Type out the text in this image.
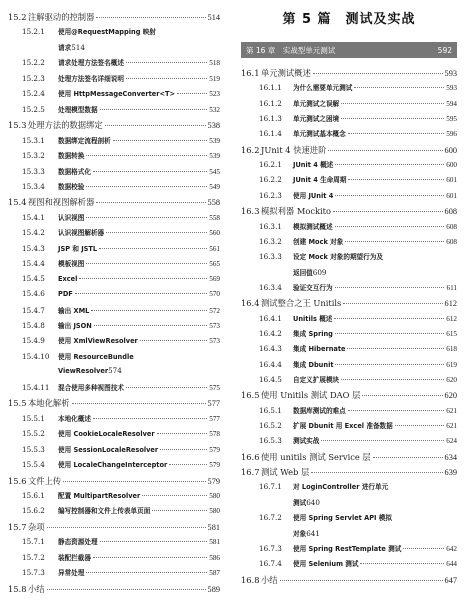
15.2 注解驱动的控制器	514
15.2.1	使用@RequestMapping 映射
请求 514
15.2.2	请求处理方法签名概述	518
15.2.3	处理方法签名详细说明	519
15.2.4	使用 HttpMessageConverter<T>	523
15.2.5	处理模型数据	532
15.3 处理方法的数据绑定	538
15.3.1	数据绑定流程剖析	539
15.3.2	数据转换	539
15.3.3	数据格式化	545
15.3.4	数据校验	549
15.4 视图和视图解析器	558
15.4.1	认识视图	558
15.4.2	认识视图解析器	560
15.4.3	JSP 和 JSTL	561
15.4.4	模板视图	565
15.4.5	Excel	569
15.4.6	PDF	570
15.4.7	输出 XML	572
15.4.8	输出 JSON	573
15.4.9	使用 XmlViewResolver	573
15.4.10	使用 ResourceBundle
ViewResolver 574
15.4.11	混合使用多种视图技术	575
15.5 本地化解析	577
15.5.1	本地化概述	577
15.5.2	使用 CookieLocaleResolver	578
15.5.3	使用 SessionLocaleResolver	579
15.5.4	使用 LocaleChangeInterceptor	579
15.6 文件上传	579
15.6.1	配置 MultipartResolver	580
15.6.2	编写控制器和文件上传表单页面	580
15.7 杂项	581
15.7.1	静态资源处理	581
15.7.2	装配拦截器	586
15.7.3	异常处理	587
15.8 小结	589
第 5 篇　测试及实战
第 16 章　实战型单元测试	592
16.1 单元测试概述	593
16.1.1	为什么需要单元测试	593
16.1.2	单元测试之误解	594
16.1.3	单元测试之困境	595
16.1.4	单元测试基本概念	596
16.2 JUnit 4 快速进阶	600
16.2.1	JUnit 4 概述	600
16.2.2	JUnit 4 生命周期	601
16.2.3	使用 JUnit 4	601
16.3 模拟利器 Mockito	608
16.3.1	模拟测试概述	608
16.3.2	创建 Mock 对象	608
16.3.3	设定 Mock 对象的期望行为及
返回值 609
16.3.4	验证交互行为	611
16.4 测试整合之王 Unitils	612
16.4.1	Unitils 概述	612
16.4.2	集成 Spring	615
16.4.3	集成 Hibernate	618
16.4.4	集成 Dbunit	619
16.4.5	自定义扩展模块	620
16.5 使用 Unitils 测试 DAO 层	620
16.5.1	数据库测试的难点	621
16.5.2	扩展 Dbunit 用 Excel 准备数据	621
16.5.3	测试实战	624
16.6 使用 unitils 测试 Service 层	634
16.7 测试 Web 层	639
16.7.1	对 LoginController 进行单元
测试 640
16.7.2	使用 Spring Servlet API 模拟
对象 641
16.7.3	使用 Spring RestTemplate 测试	642
16.7.4	使用 Selenium 测试	644
16.8 小结	647
